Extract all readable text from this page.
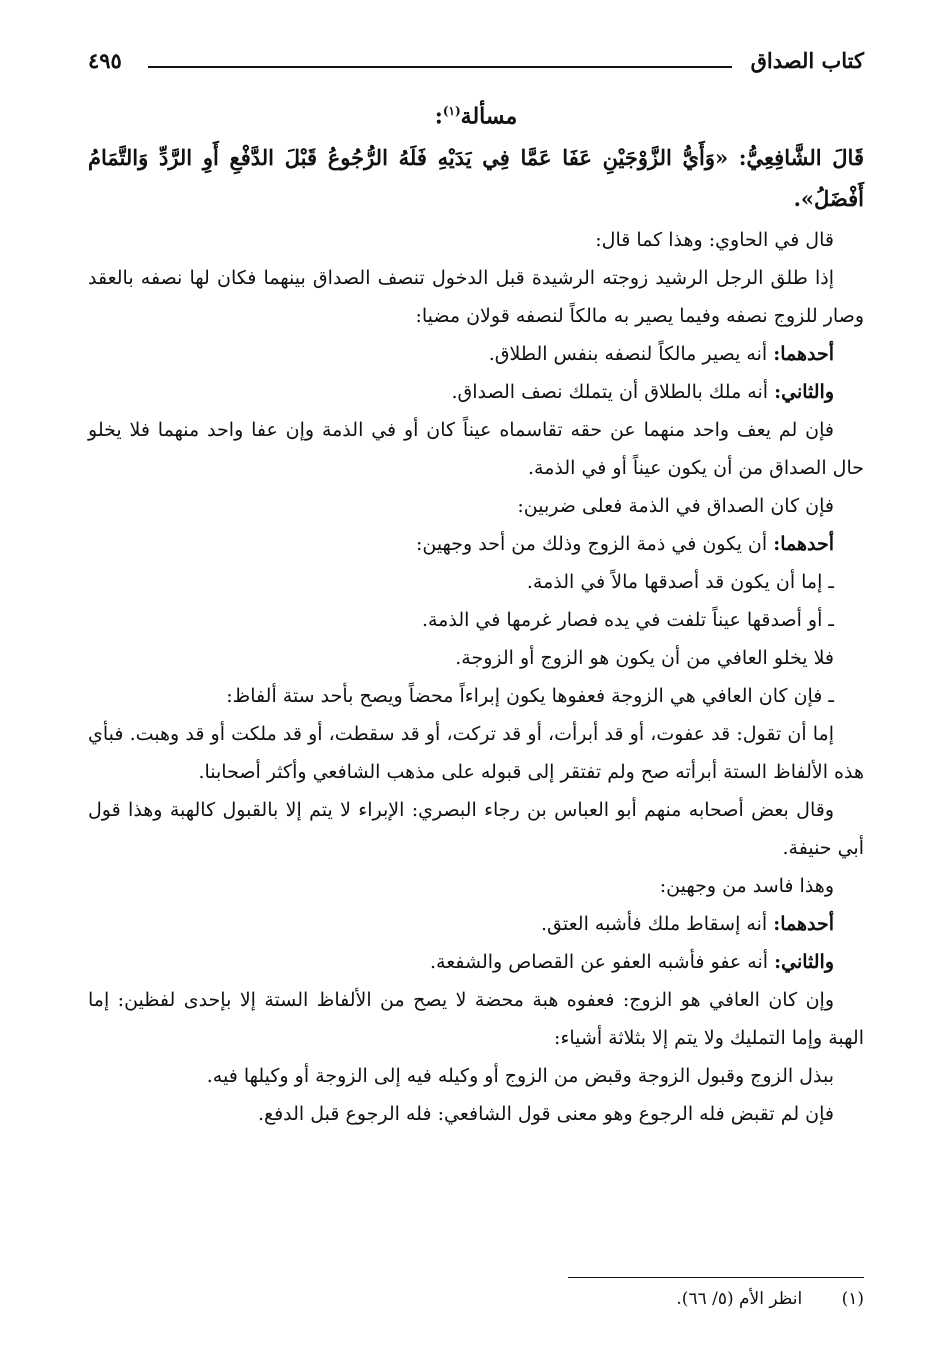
كتاب الصداق
٤٩٥

مسألة$^{(١)}$:

قَالَ الشَّافِعِيُّ: «وَأَيُّ الزَّوْجَيْنِ عَفَا عَمَّا فِي يَدَيْهِ فَلَهُ الرُّجُوعُ قَبْلَ الدَّفْعِ أَوِ الرَّدِّ وَالتَّمَامُ أَفْضَلُ».

قال في الحاوي: وهذا كما قال:

إذا طلق الرجل الرشيد زوجته الرشيدة قبل الدخول تنصف الصداق بينهما فكان لها نصفه بالعقد وصار للزوج نصفه وفيما يصير به مالكاً لنصفه قولان مضيا:

أحدهما: أنه يصير مالكاً لنصفه بنفس الطلاق.

والثاني: أنه ملك بالطلاق أن يتملك نصف الصداق.

فإن لم يعف واحد منهما عن حقه تقاسماه عيناً كان أو في الذمة وإن عفا واحد منهما فلا يخلو حال الصداق من أن يكون عيناً أو في الذمة.

فإن كان الصداق في الذمة فعلى ضربين:

أحدهما: أن يكون في ذمة الزوج وذلك من أحد وجهين:

ـ إما أن يكون قد أصدقها مالاً في الذمة.

ـ أو أصدقها عيناً تلفت في يده فصار غرمها في الذمة.

فلا يخلو العافي من أن يكون هو الزوج أو الزوجة.

ـ فإن كان العافي هي الزوجة فعفوها يكون إبراءاً محضاً ويصح بأحد ستة ألفاظ:

إما أن تقول: قد عفوت، أو قد أبرأت، أو قد تركت، أو قد سقطت، أو قد ملكت أو قد وهبت. فبأي هذه الألفاظ الستة أبرأته صح ولم تفتقر إلى قبوله على مذهب الشافعي وأكثر أصحابنا.

وقال بعض أصحابه منهم أبو العباس بن رجاء البصري: الإبراء لا يتم إلا بالقبول كالهبة وهذا قول أبي حنيفة.

وهذا فاسد من وجهين:

أحدهما: أنه إسقاط ملك فأشبه العتق.

والثاني: أنه عفو فأشبه العفو عن القصاص والشفعة.

وإن كان العافي هو الزوج: فعفوه هبة محضة لا يصح من الألفاظ الستة إلا بإحدى لفظين: إما الهبة وإما التمليك ولا يتم إلا بثلاثة أشياء:

ببذل الزوج وقبول الزوجة وقبض من الزوج أو وكيله فيه إلى الزوجة أو وكيلها فيه.

فإن لم تقبض فله الرجوع وهو معنى قول الشافعي: فله الرجوع قبل الدفع.

(١) انظر الأم (٥/ ٦٦).
